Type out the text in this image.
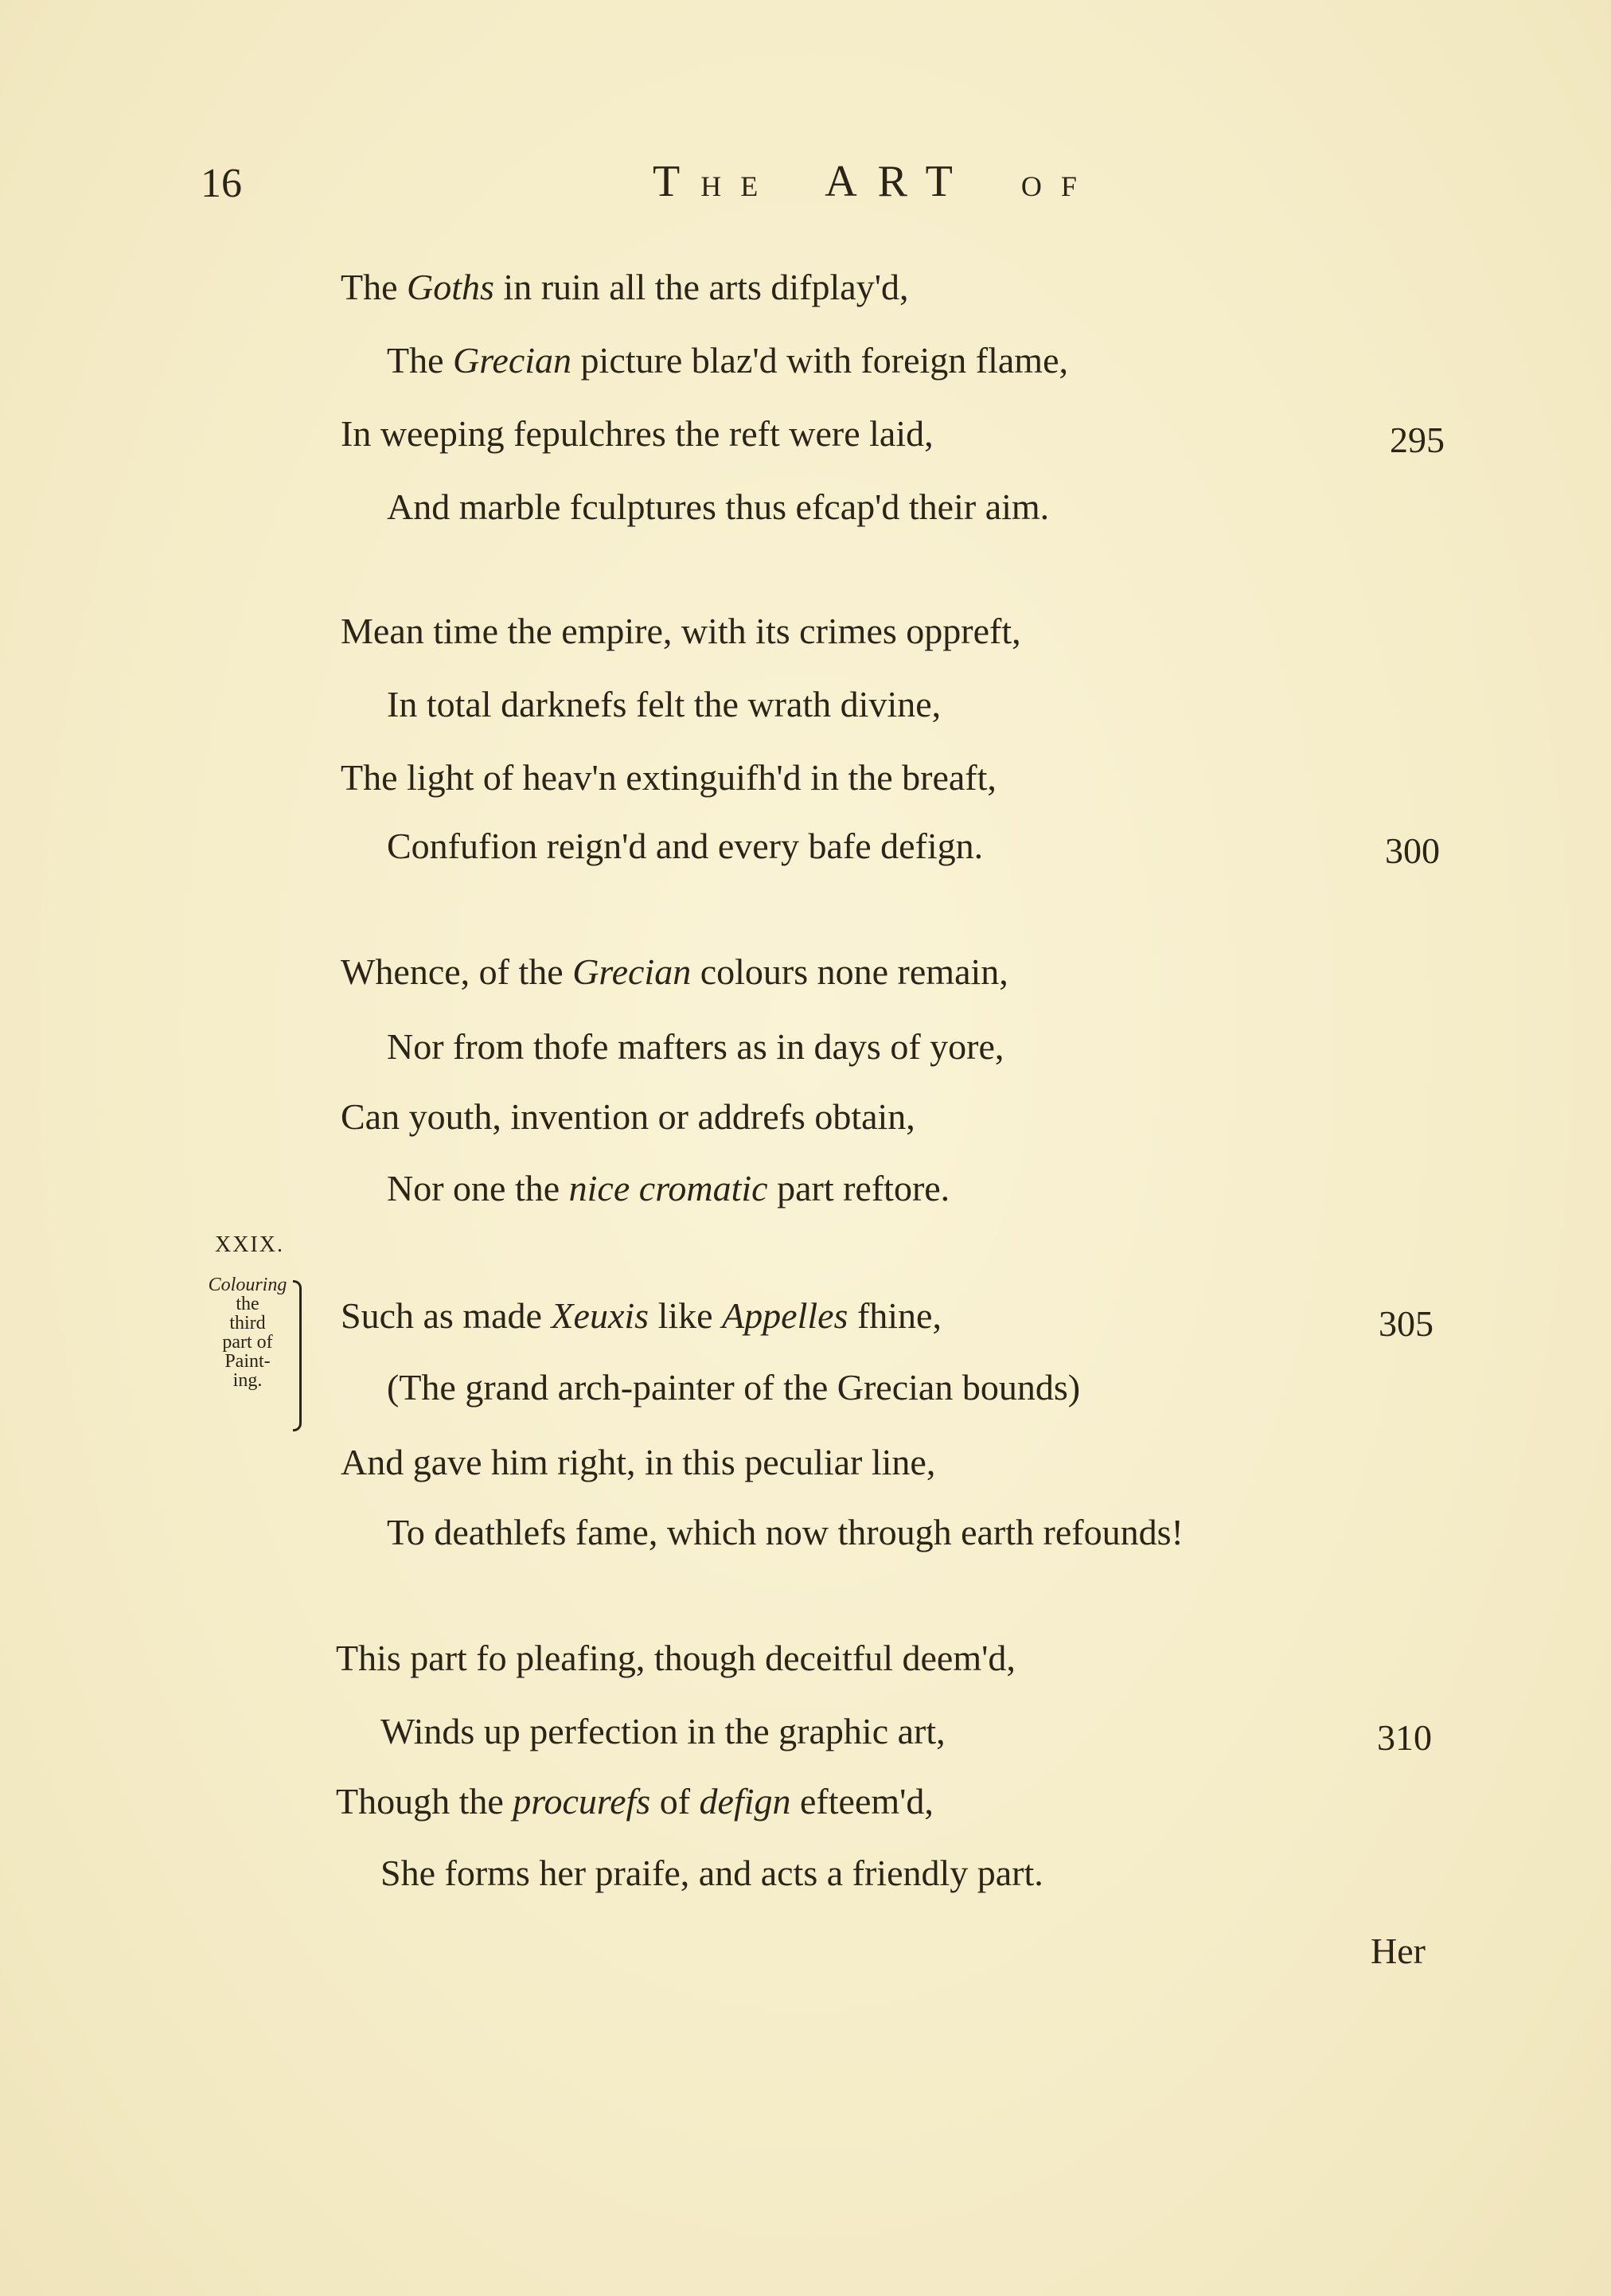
16	THE ART OF
The Goths in ruin all the arts difplay'd,
The Grecian picture blaz'd with foreign flame,
In weeping fepulchres the reft were laid,
And marble fculptures thus efcap'd their aim.
295
Mean time the empire, with its crimes oppreft,
In total darknefs felt the wrath divine,
The light of heav'n extinguifh'd in the breaft,
Confufion reign'd and every bafe defign.	300
Whence, of the Grecian colours none remain,
Nor from thofe mafters as in days of yore,
Can youth, invention or addrefs obtain,
Nor one the nice cromatic part reftore.
XXIX.
Colouring
the
third
part of
Paint-
ing.
Such as made Xeuxis like Appelles fhine,
(The grand arch-painter of the Grecian bounds)
And gave him right, in this peculiar line,
To deathlefs fame, which now through earth refounds!
305
This part fo pleafing, though deceitful deem'd,
Winds up perfection in the graphic art,
Though the procurefs of defign efteem'd,
She forms her praife, and acts a friendly part.
310
Her
